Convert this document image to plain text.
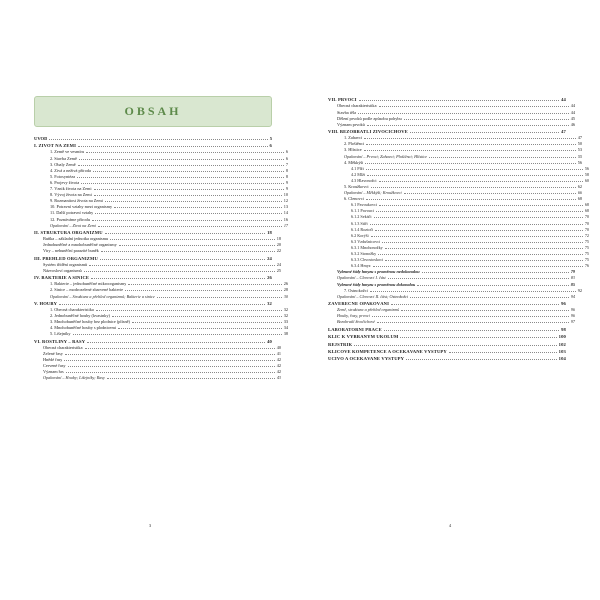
OBSAH
ÚVOD	5
I. ŽIVOT NA ZEMI	6
1. Země ve vesmíru	6
2. Stavba Země	6
3. Obaly Země	7
4. Živá a neživá příroda	8
5. Fotosyntéza	8
6. Projevy života	9
7. Vznik života na Zemi	9
8. Vývoj života na Zemi	10
9. Rozmanitost života na Zemi	12
10. Potravní vztahy mezi organismy	13
11. Další potravní vztahy	14
12. Poznáváme přírodu	16
Opakování – Život na Zemi	17
II. STRUKTURA ORGANIZMŮ	18
Buňka – základní jednotka organismu	18
Jednobuněčné a mnohobuněčné organismy	20
Viry – nebuněční parazité buněk	22
III. PŘEHLED ORGANIZMŮ	24
Systém třídění organismů	24
Názvosloví organismů	25
IV. BAKTERIE A SINICE	26
1. Bakterie – jednobuněčné mikroorganismy	26
2. Sinice – modrozelené zbarvené bakterie	28
Opakování – Struktura a přehled organizmů; Bakterie a sinice	30
V. HOUBY	32
1. Obecná charakteristika	32
2. Jednobuněčné houby (kvasinky)	32
3. Mnohobuněčné houby bez plodnice (plísně)	33
4. Mnohobuněčné houby s plodnicemi	34
5. Lišejníky	38
VI. ROSTLINY – ŘASY	40
Obecná charakteristika	40
Zelené řasy	41
Hnědé řasy	42
Červené řasy	42
Význam řas	42
Opakování – Houby; Lišejníky; Řasy	43
VII. PRVOCI	44
Obecná charakteristika	44
Stavba těla	44
Dělení prvoků podle způsobu pohybu	45
Význam prvoků	46
VIII. BEZOBRATLÍ ŽIVOČICHOVÉ	47
1. Žahavci	47
2. Ploštěnci	50
3. Hlístice	53
Opakování – Prvoci; Žahavci; Ploštěnci; Hlístice	55
4. Měkkýši	56
4.1 Plži	56
4.2 Mlži	58
4.3 Hlavonožci	60
5. Kroužkovci	62
Opakování – Měkkýši; Kroužkovci	66
6. Členovci	68
6.1 Pavoukovci	68
6.1.1 Pavouci	68
6.1.2 Sekáči	70
6.1.3 Štíři	70
6.1.4 Roztoči	70
6.2 Korýši	72
6.3 Vzdušnicovci	75
6.3.1 Mnohonožky	75
6.3.2 Stonožky	75
6.3.3 Chvostoskoci	75
6.3.4 Hmyz	76
Vybrané řády hmyzu s proměnou nedokonalou	79
Opakování – Členovci I. část	83
Vybrané řády hmyzu s proměnou dokonalou	85
7. Ostnokožci	92
Opakování – Členovci II. část; Ostnokožci	94
ZÁVĚREČNÉ OPAKOVÁNÍ	96
Země, struktura a přehled organizmů	96
Houby, řasy, prvoci	96
Bezobratlí živočichové	97
LABORATORNÍ PRÁCE	98
KLÍČ K VYBRANÝM ÚKOLŮM	100
REJSTŘÍK	102
KLÍČOVÉ KOMPETENCE A OČEKÁVANÉ VÝSTUPY	103
UČIVO A OČEKÁVANÉ VÝSTUPY	104
3	4
